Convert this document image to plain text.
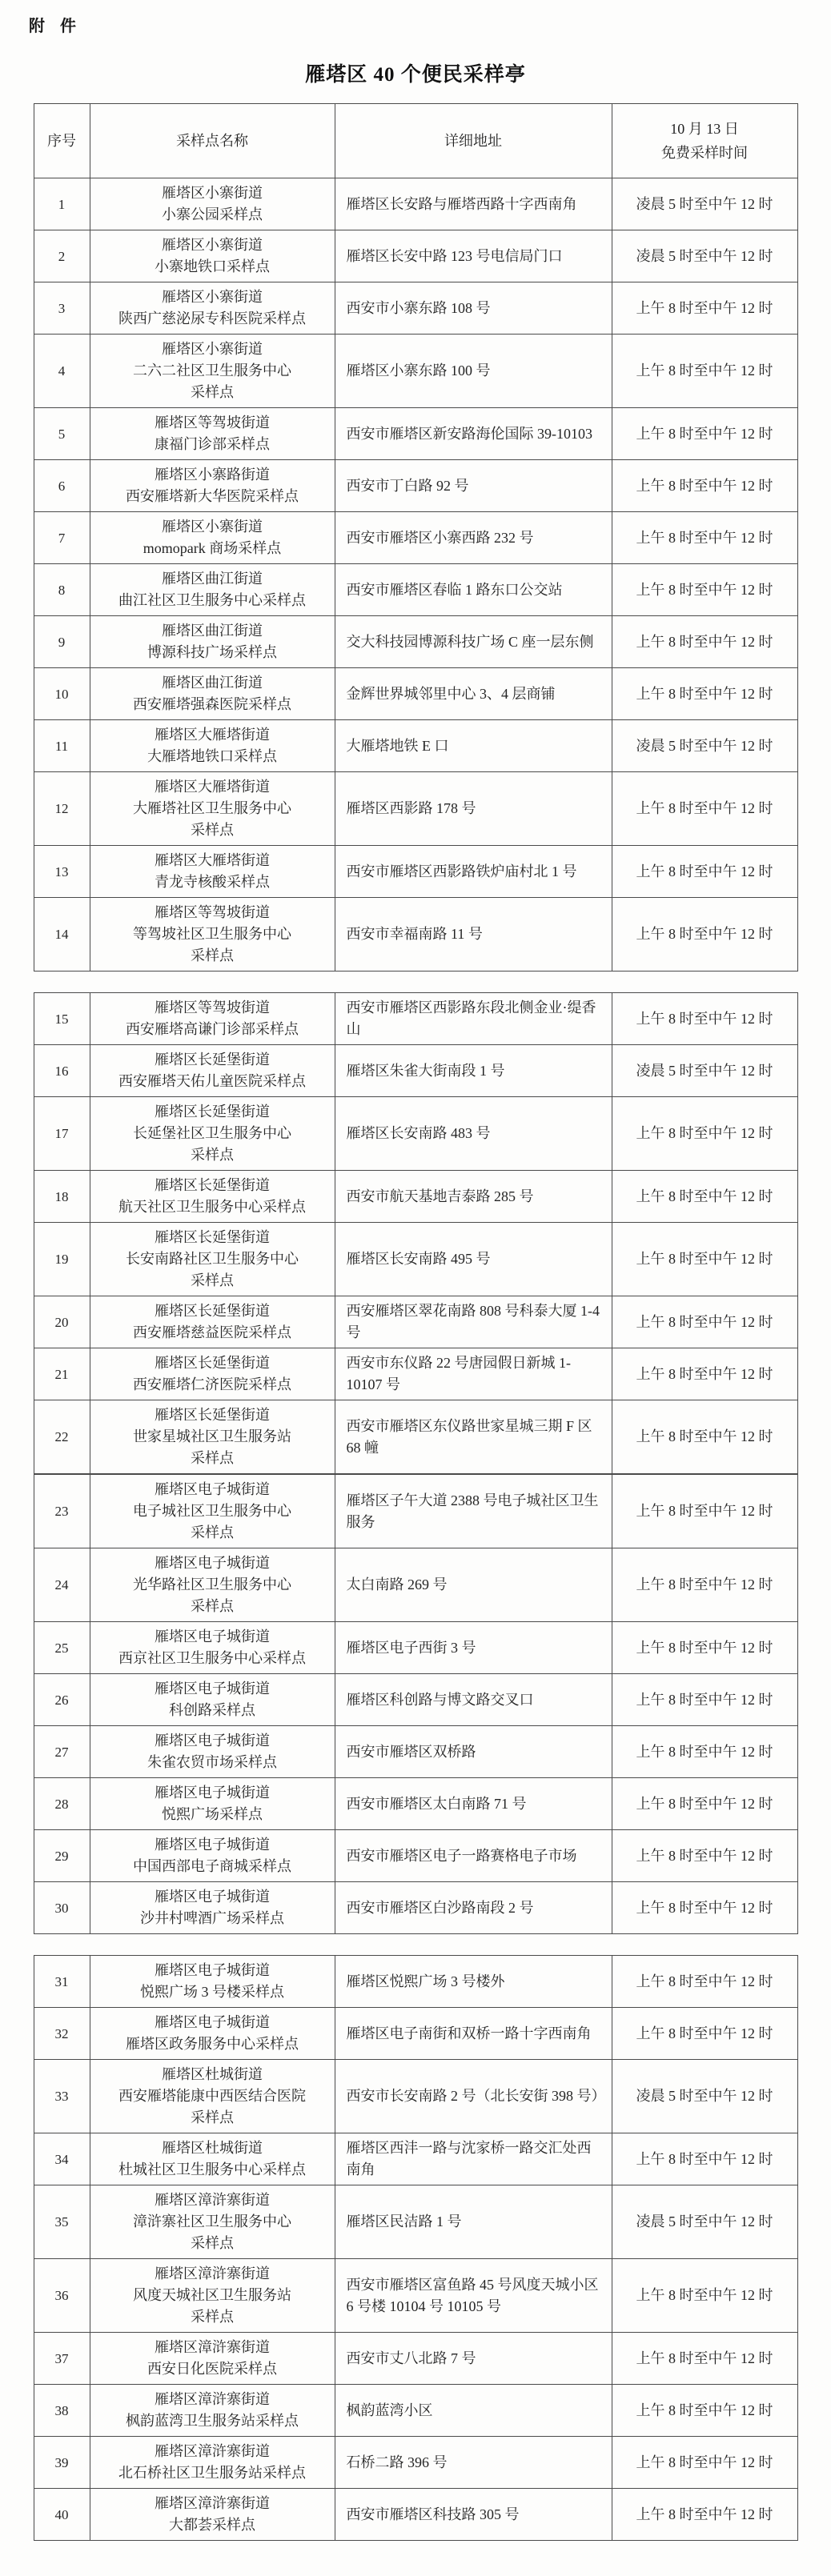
附 件
雁塔区 40 个便民采样亭
序号	采样点名称	详细地址	10 月 13 日
免费采样时间

1	雁塔区小寨街道
小寨公园采样点	雁塔区长安路与雁塔西路十字西南角	凌晨 5 时至中午 12 时
2	雁塔区小寨街道
小寨地铁口采样点	雁塔区长安中路 123 号电信局门口	凌晨 5 时至中午 12 时
3	雁塔区小寨街道
陕西广慈泌尿专科医院采样点	西安市小寨东路 108 号	上午 8 时至中午 12 时
4	雁塔区小寨街道
二六二社区卫生服务中心
采样点	雁塔区小寨东路 100 号	上午 8 时至中午 12 时
5	雁塔区等驾坡街道
康福门诊部采样点	西安市雁塔区新安路海伦国际 39-10103	上午 8 时至中午 12 时
6	雁塔区小寨路街道
西安雁塔新大华医院采样点	西安市丁白路 92 号	上午 8 时至中午 12 时
7	雁塔区小寨街道
momopark 商场采样点	西安市雁塔区小寨西路 232 号	上午 8 时至中午 12 时
8	雁塔区曲江街道
曲江社区卫生服务中心采样点	西安市雁塔区春临 1 路东口公交站	上午 8 时至中午 12 时
9	雁塔区曲江街道
博源科技广场采样点	交大科技园博源科技广场 C 座一层东侧	上午 8 时至中午 12 时
10	雁塔区曲江街道
西安雁塔强森医院采样点	金辉世界城邻里中心 3、4 层商铺	上午 8 时至中午 12 时
11	雁塔区大雁塔街道
大雁塔地铁口采样点	大雁塔地铁 E 口	凌晨 5 时至中午 12 时
12	雁塔区大雁塔街道
大雁塔社区卫生服务中心
采样点	雁塔区西影路 178 号	上午 8 时至中午 12 时
13	雁塔区大雁塔街道
青龙寺核酸采样点	西安市雁塔区西影路铁炉庙村北 1 号	上午 8 时至中午 12 时
14	雁塔区等驾坡街道
等驾坡社区卫生服务中心
采样点	西安市幸福南路 11 号	上午 8 时至中午 12 时
15	雁塔区等驾坡街道
西安雁塔高谦门诊部采样点	西安市雁塔区西影路东段北侧金业·缇香山	上午 8 时至中午 12 时
16	雁塔区长延堡街道
西安雁塔天佑儿童医院采样点	雁塔区朱雀大街南段 1 号	凌晨 5 时至中午 12 时
17	雁塔区长延堡街道
长延堡社区卫生服务中心
采样点	雁塔区长安南路 483 号	上午 8 时至中午 12 时
18	雁塔区长延堡街道
航天社区卫生服务中心采样点	西安市航天基地吉泰路 285 号	上午 8 时至中午 12 时
19	雁塔区长延堡街道
长安南路社区卫生服务中心
采样点	雁塔区长安南路 495 号	上午 8 时至中午 12 时
20	雁塔区长延堡街道
西安雁塔慈益医院采样点	西安雁塔区翠花南路 808 号科泰大厦 1-4 号	上午 8 时至中午 12 时
21	雁塔区长延堡街道
西安雁塔仁济医院采样点	西安市东仪路 22 号唐园假日新城 1-10107 号	上午 8 时至中午 12 时
22	雁塔区长延堡街道
世家星城社区卫生服务站
采样点	西安市雁塔区东仪路世家星城三期 F 区 68 幢	上午 8 时至中午 12 时
23	雁塔区电子城街道
电子城社区卫生服务中心
采样点	雁塔区子午大道 2388 号电子城社区卫生服务	上午 8 时至中午 12 时
24	雁塔区电子城街道
光华路社区卫生服务中心
采样点	太白南路 269 号	上午 8 时至中午 12 时
25	雁塔区电子城街道
西京社区卫生服务中心采样点	雁塔区电子西街 3 号	上午 8 时至中午 12 时
26	雁塔区电子城街道
科创路采样点	雁塔区科创路与博文路交叉口	上午 8 时至中午 12 时
27	雁塔区电子城街道
朱雀农贸市场采样点	西安市雁塔区双桥路	上午 8 时至中午 12 时
28	雁塔区电子城街道
悦熙广场采样点	西安市雁塔区太白南路 71 号	上午 8 时至中午 12 时
29	雁塔区电子城街道
中国西部电子商城采样点	西安市雁塔区电子一路赛格电子市场	上午 8 时至中午 12 时
30	雁塔区电子城街道
沙井村啤酒广场采样点	西安市雁塔区白沙路南段 2 号	上午 8 时至中午 12 时
31	雁塔区电子城街道
悦熙广场 3 号楼采样点	雁塔区悦熙广场 3 号楼外	上午 8 时至中午 12 时
32	雁塔区电子城街道
雁塔区政务服务中心采样点	雁塔区电子南街和双桥一路十字西南角	上午 8 时至中午 12 时
33	雁塔区杜城街道
西安雁塔能康中西医结合医院
采样点	西安市长安南路 2 号（北长安街 398 号）	凌晨 5 时至中午 12 时
34	雁塔区杜城街道
杜城社区卫生服务中心采样点	雁塔区西沣一路与沈家桥一路交汇处西南角	上午 8 时至中午 12 时
35	雁塔区漳浒寨街道
漳浒寨社区卫生服务中心
采样点	雁塔区民洁路 1 号	凌晨 5 时至中午 12 时
36	雁塔区漳浒寨街道
风度天城社区卫生服务站
采样点	西安市雁塔区富鱼路 45 号风度天城小区 6 号楼 10104 号 10105 号	上午 8 时至中午 12 时
37	雁塔区漳浒寨街道
西安日化医院采样点	西安市丈八北路 7 号	上午 8 时至中午 12 时
38	雁塔区漳浒寨街道
枫韵蓝湾卫生服务站采样点	枫韵蓝湾小区	上午 8 时至中午 12 时
39	雁塔区漳浒寨街道
北石桥社区卫生服务站采样点	石桥二路 396 号	上午 8 时至中午 12 时
40	雁塔区漳浒寨街道
大都荟采样点	西安市雁塔区科技路 305 号	上午 8 时至中午 12 时
